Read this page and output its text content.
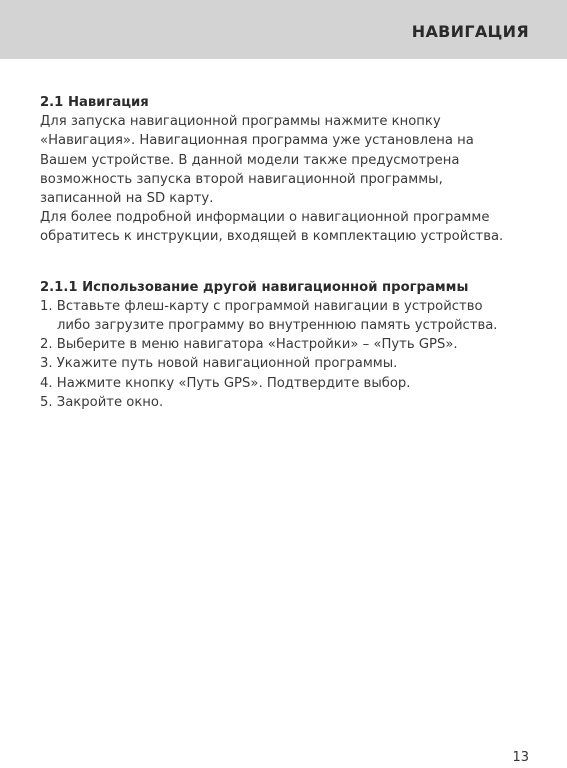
НАВИГАЦИЯ

2.1 Навигация

Для запуска навигационной программы нажмите кнопку

«Навигация». Навигационная программа уже установлена на

Вашем устройстве. В данной модели также предусмотрена

возможность запуска второй навигационной программы,

записанной на SD карту.

Для более подробной информации о навигационной программе

обратитесь к инструкции, входящей в комплектацию устройства.

2.1.1 Использование другой навигационной программы

1. Вставьте флеш-карту с программой навигации в устройство

либо загрузите программу во внутреннюю память устройства.

2. Выберите в меню навигатора «Настройки» – «Путь GPS».

3. Укажите путь новой навигационной программы.

4. Нажмите кнопку «Путь GPS». Подтвердите выбор.

5. Закройте окно.

13
